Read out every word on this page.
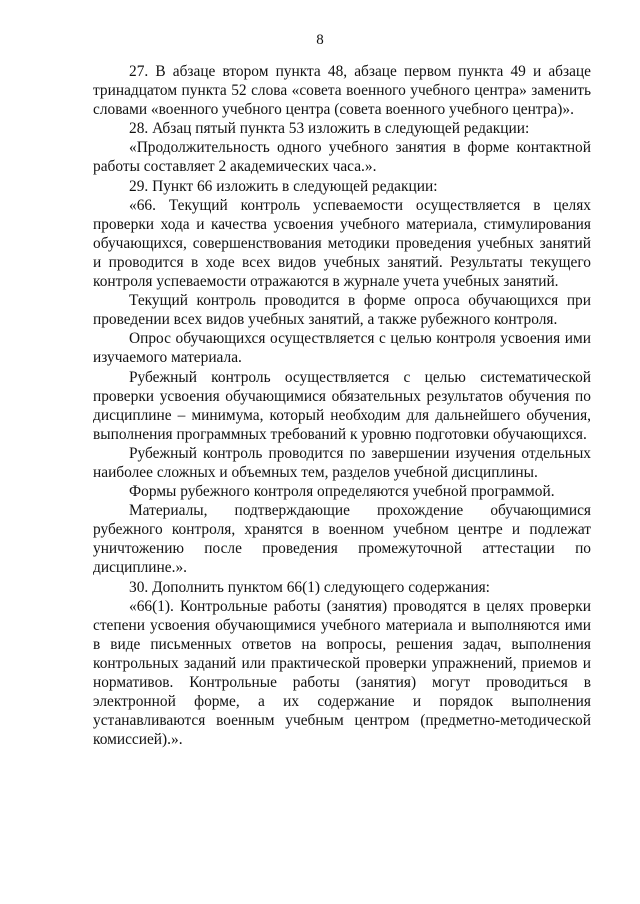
8

27. В абзаце втором пункта 48, абзаце первом пункта 49 и абзаце тринадцатом пункта 52 слова «совета военного учебного центра» заменить словами «военного учебного центра (совета военного учебного центра)».

28. Абзац пятый пункта 53 изложить в следующей редакции:

«Продолжительность одного учебного занятия в форме контактной работы составляет 2 академических часа.».

29. Пункт 66 изложить в следующей редакции:

«66. Текущий контроль успеваемости осуществляется в целях проверки хода и качества усвоения учебного материала, стимулирования обучающихся, совершенствования методики проведения учебных занятий и проводится в ходе всех видов учебных занятий. Результаты текущего контроля успеваемости отражаются в журнале учета учебных занятий.

Текущий контроль проводится в форме опроса обучающихся при проведении всех видов учебных занятий, а также рубежного контроля.

Опрос обучающихся осуществляется с целью контроля усвоения ими изучаемого материала.

Рубежный контроль осуществляется с целью систематической проверки усвоения обучающимися обязательных результатов обучения по дисциплине – минимума, который необходим для дальнейшего обучения, выполнения программных требований к уровню подготовки обучающихся.

Рубежный контроль проводится по завершении изучения отдельных наиболее сложных и объемных тем, разделов учебной дисциплины.

Формы рубежного контроля определяются учебной программой.

Материалы, подтверждающие прохождение обучающимися рубежного контроля, хранятся в военном учебном центре и подлежат уничтожению после проведения промежуточной аттестации по дисциплине.».

30. Дополнить пунктом 66(1) следующего содержания:

«66(1). Контрольные работы (занятия) проводятся в целях проверки степени усвоения обучающимися учебного материала и выполняются ими в виде письменных ответов на вопросы, решения задач, выполнения контрольных заданий или практической проверки упражнений, приемов и нормативов. Контрольные работы (занятия) могут проводиться в электронной форме, а их содержание и порядок выполнения устанавливаются военным учебным центром (предметно-методической комиссией).».
